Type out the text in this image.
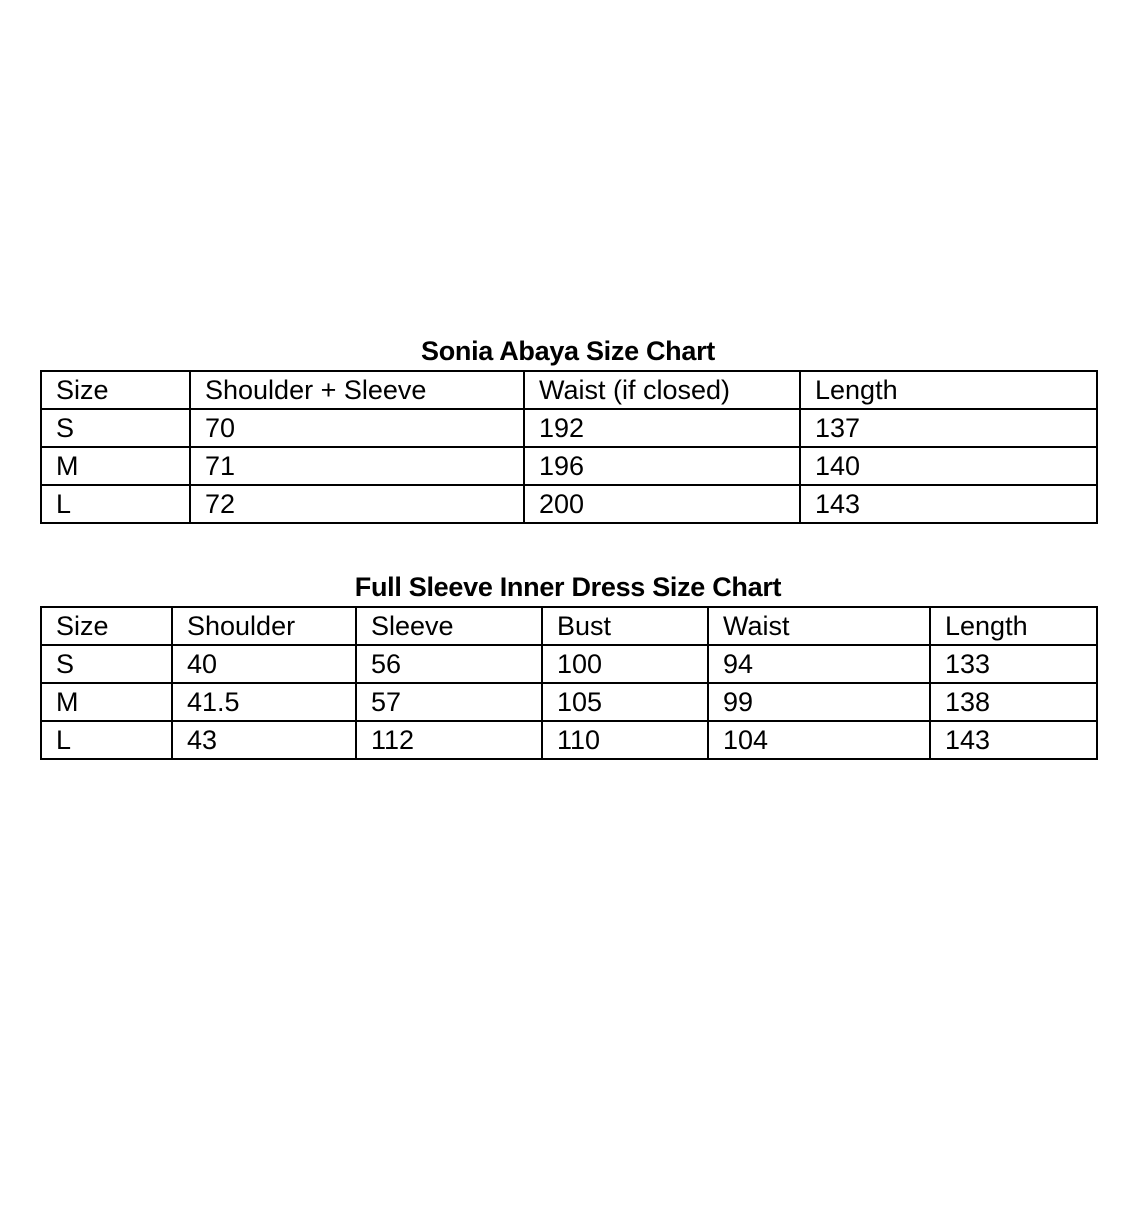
Sonia Abaya Size Chart
Size	Shoulder + Sleeve	Waist (if closed)	Length
S	70	192	137
M	71	196	140
L	72	200	143
Full Sleeve Inner Dress Size Chart
Size	Shoulder	Sleeve	Bust	Waist	Length
S	40	56	100	94	133
M	41.5	57	105	99	138
L	43	112	110	104	143
